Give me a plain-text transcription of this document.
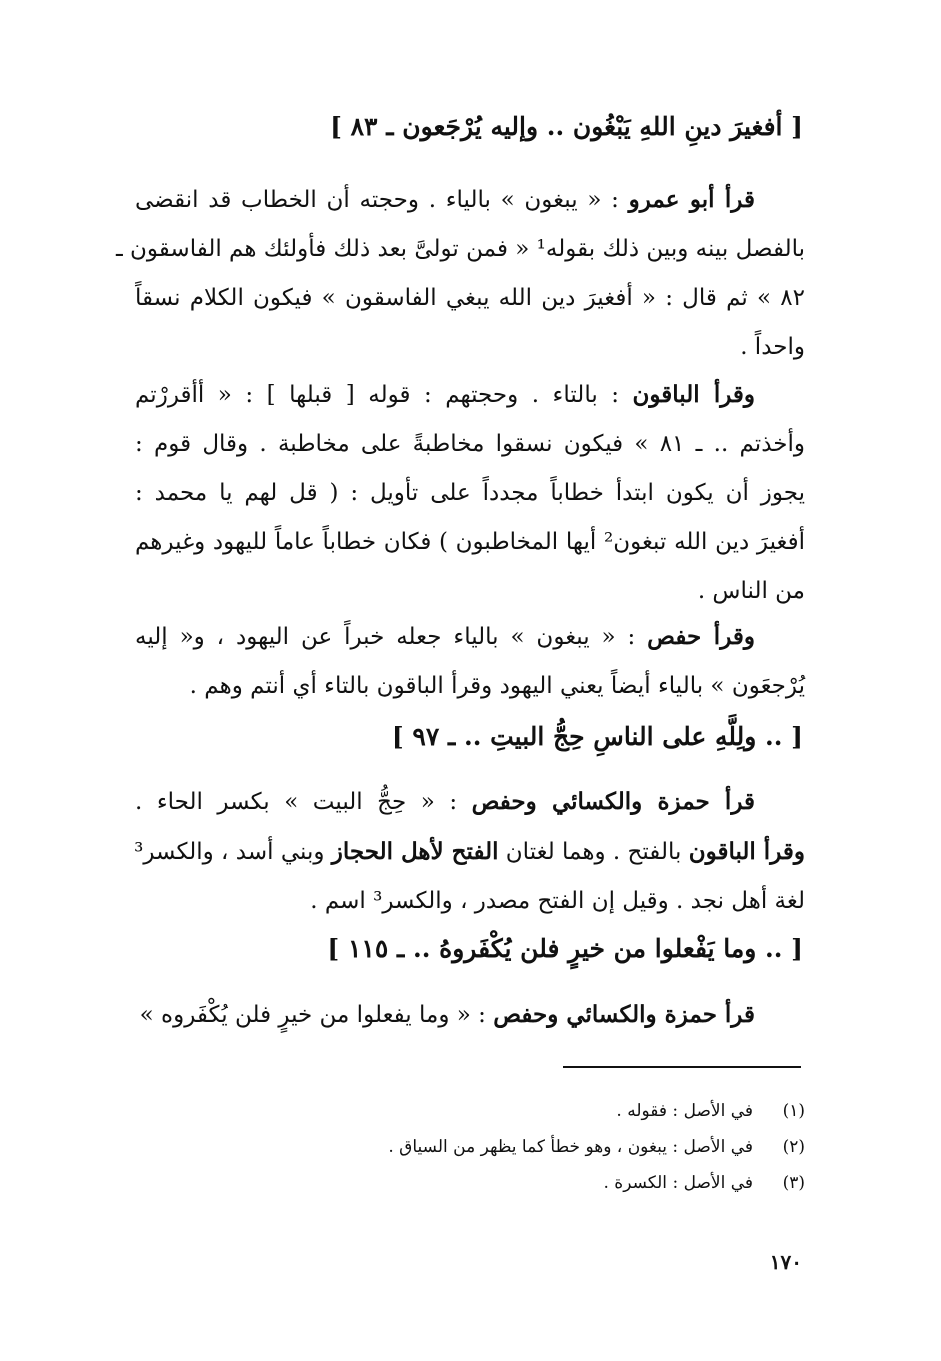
[ أفغيرَ دينِ اللهِ يَبْغُون .. وإليه يُرْجَعون ـ ٨٣ ]
قرأ أبو عمرو : « يبغون » بالياء . وحجته أن الخطاب قد انقضى
بالفصل بينه وبين ذلك بقوله¹ « فمن تولىَّ بعد ذلك فأولئك هم الفاسقون ـ
٨٢ » ثم قال : « أفغيرَ دين الله يبغي الفاسقون » فيكون الكلام نسقاً
واحداً .
وقرأ الباقون : بالتاء . وحجتهم : قوله [ قبلها ] : « أأقررْتم
وأخذتم .. ـ ٨١ » فيكون نسقوا مخاطبةً على مخاطبة . وقال قوم :
يجوز أن يكون ابتدأ خطاباً مجدداً على تأويل : ( قل لهم يا محمد :
أفغيرَ دين الله تبغون² أيها المخاطبون ) فكان خطاباً عاماً لليهود وغيرهم
من الناس .
وقرأ حفص : « يبغون » بالياء جعله خبراً عن اليهود ، و« إليه
يُرْجعَون » بالياء أيضاً يعني اليهود وقرأ الباقون بالتاء أي أنتم وهم .
[ .. ولِلَّهِ على الناسِ حِجُّ البيتِ .. ـ ٩٧ ]
قرأ حمزة والكسائي وحفص : « حِجُّ البيت » بكسر الحاء .
وقرأ الباقون بالفتح . وهما لغتان الفتح لأهل الحجاز وبني أسد ، والكسر³
لغة أهل نجد . وقيل إن الفتح مصدر ، والكسر³ اسم .
[ .. وما يَفْعلوا من خيرٍ فلن يُكْفَروهُ .. ـ ١١٥ ]
قرأ حمزة والكسائي وحفص : « وما يفعلوا من خيرٍ فلن يُكْفَروه »
(١)في الأصل : فقوله .
(٢)في الأصل : يبغون ، وهو خطأ كما يظهر من السياق .
(٣)في الأصل : الكسرة .
١٧٠
